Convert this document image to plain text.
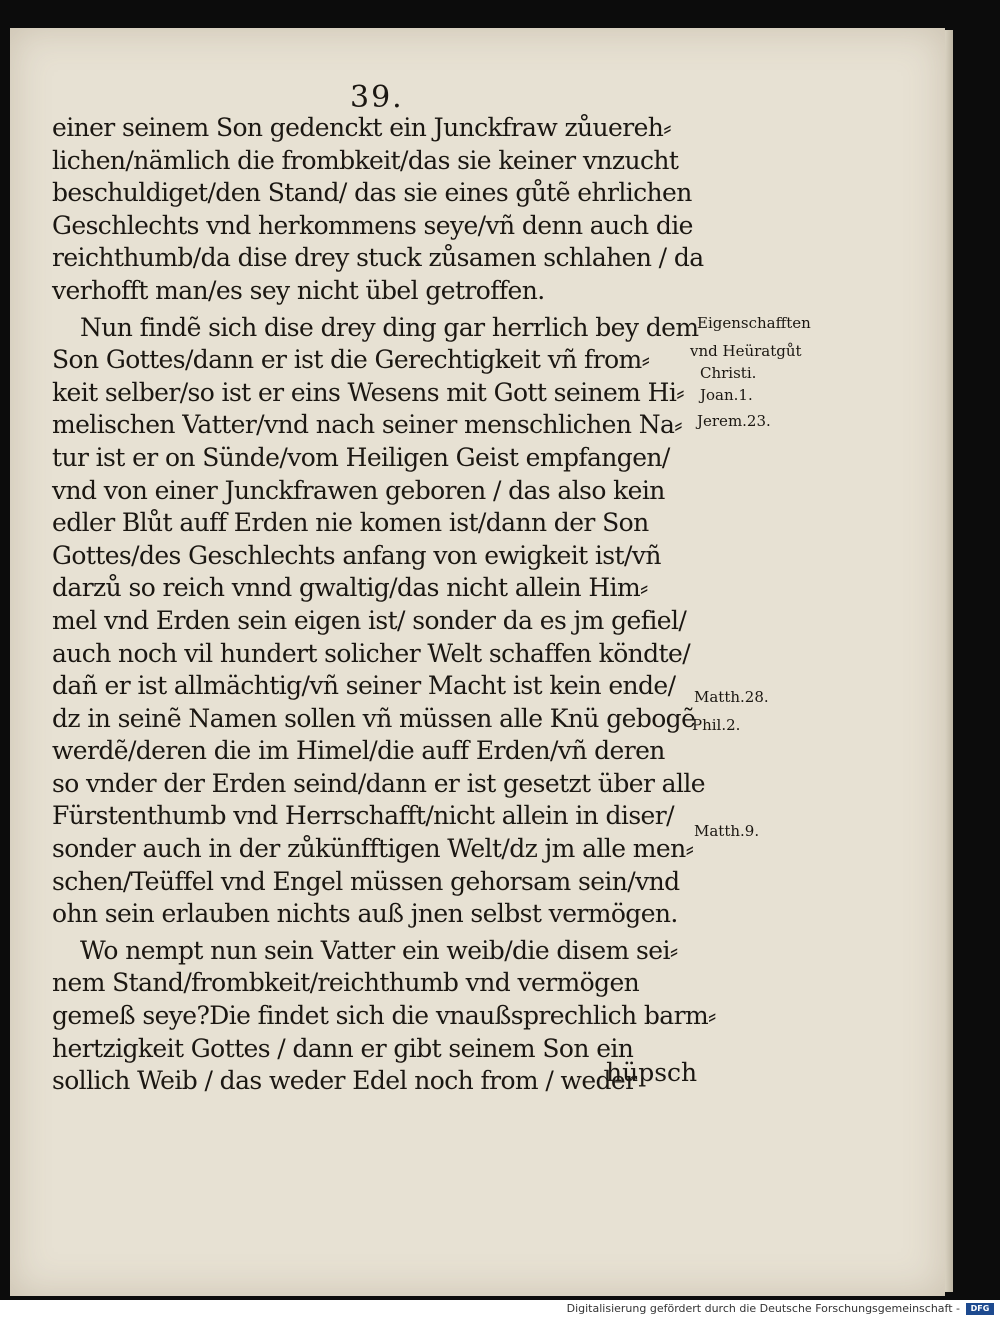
39.
einer seinem Son gedenckt ein Junckfraw zůuereh⸗
lichen/nämlich die frombkeit/das sie keiner vnzucht
beschuldiget/den Stand/ das sie eines gůtẽ ehrlichen
Geschlechts vnd herkommens seye/vñ denn auch die
reichthumb/da dise drey stuck zůsamen schlahen / da
verhofft man/es sey nicht übel getroffen.
Nun findẽ sich dise drey ding gar herrlich bey dem
Son Gottes/dann er ist die Gerechtigkeit vñ from⸗
keit selber/so ist er eins Wesens mit Gott seinem Hi⸗
melischen Vatter/vnd nach seiner menschlichen Na⸗
tur ist er on Sünde/vom Heiligen Geist empfangen/
vnd von einer Junckfrawen geboren / das also kein
edler Blůt auff Erden nie komen ist/dann der Son
Gottes/des Geschlechts anfang von ewigkeit ist/vñ
darzů so reich vnnd gwaltig/das nicht allein Him⸗
mel vnd Erden sein eigen ist/ sonder da es jm gefiel/
auch noch vil hundert solicher Welt schaffen köndte/
dañ er ist allmächtig/vñ seiner Macht ist kein ende/
dz in seinẽ Namen sollen vñ müssen alle Knü gebogẽ
werdẽ/deren die im Himel/die auff Erden/vñ deren
so vnder der Erden seind/dann er ist gesetzt über alle
Fürstenthumb vnd Herrschafft/nicht allein in diser/
sonder auch in der zůkünfftigen Welt/dz jm alle men⸗
schen/Teüffel vnd Engel müssen gehorsam sein/vnd
ohn sein erlauben nichts auß jnen selbst vermögen.
Wo nempt nun sein Vatter ein weib/die disem sei⸗
nem Stand/frombkeit/reichthumb vnd vermögen
gemeß seye?Die findet sich die vnaußsprechlich barm⸗
hertzigkeit Gottes / dann er gibt seinem Son ein
sollich Weib / das weder Edel noch from / weder
Eigenschafften
vnd Heüratgůt
Christi.
Joan.1.
Jerem.23.
Matth.28.
Phil.2.
Matth.9.
hüpsch
Digitalisierung gefördert durch die Deutsche Forschungsgemeinschaft -	DFG
